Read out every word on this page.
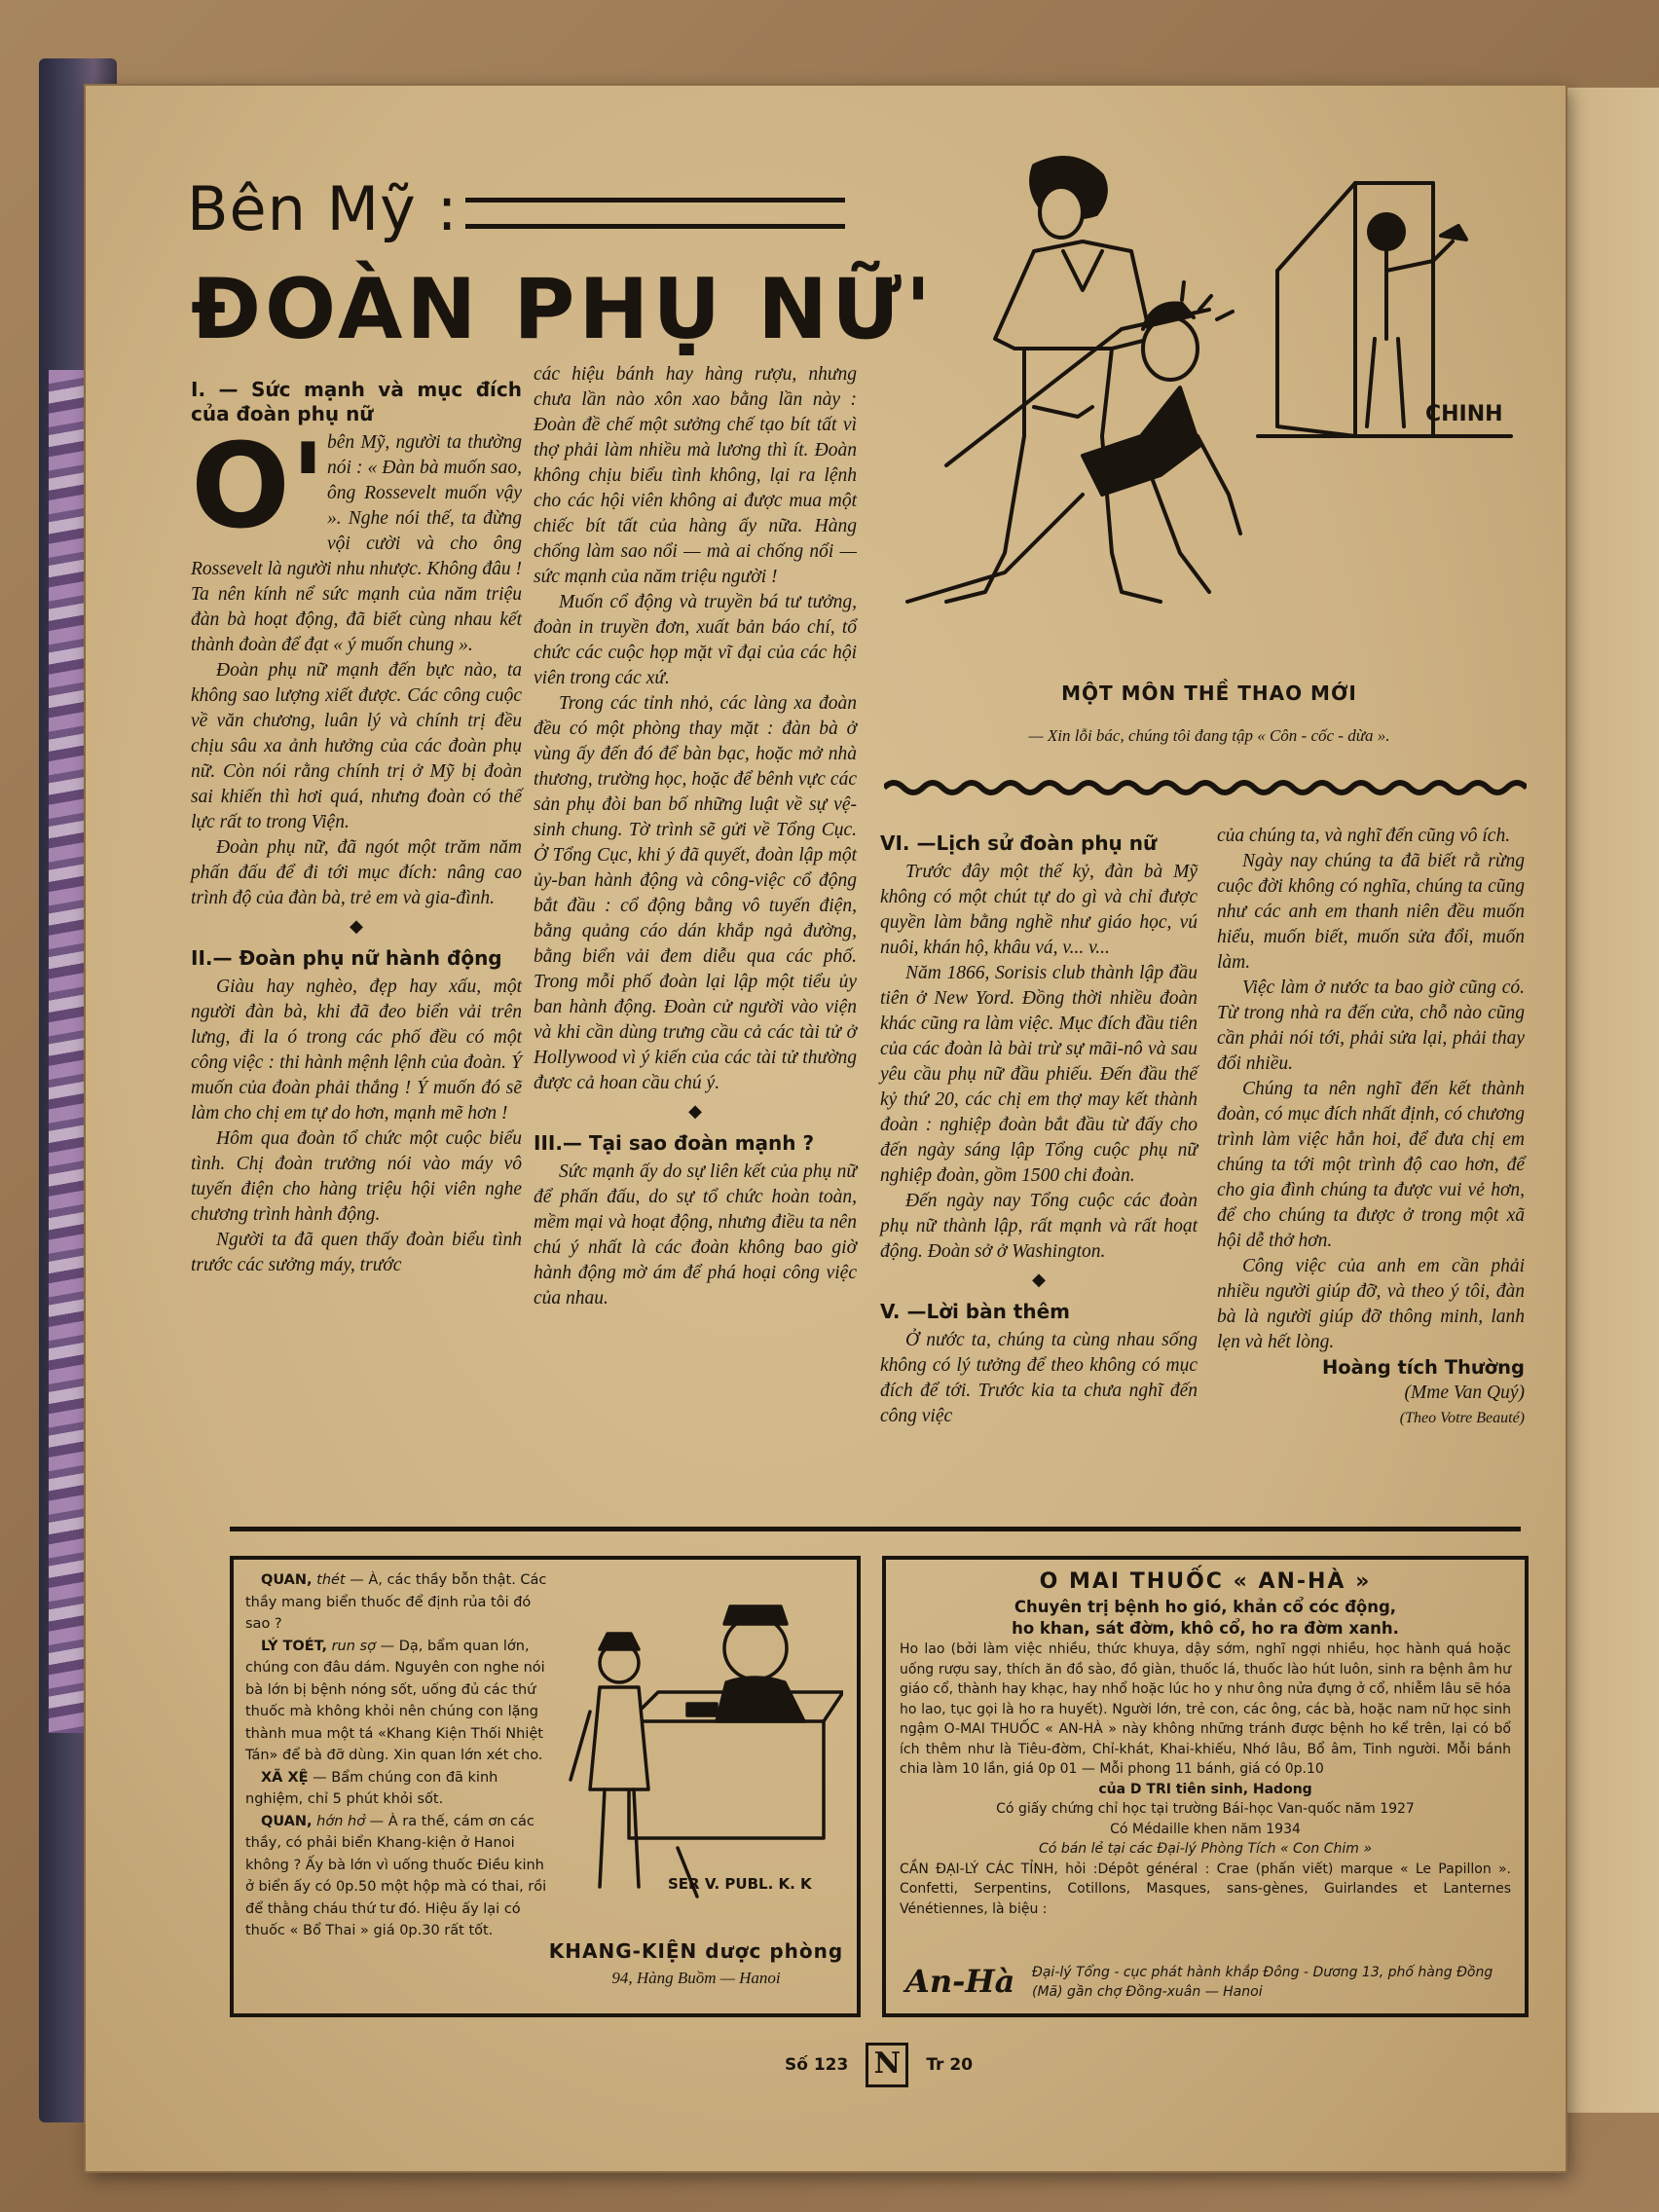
Bên Mỹ :
ĐOÀN PHỤ NỮ'
I. — Sức mạnh và mục đích của đoàn phụ nữ
O' bên Mỹ, người ta thường nói : « Đàn bà muốn sao, ông Rossevelt muốn vậy ». Nghe nói thế, ta đừng vội cười và cho ông Rossevelt là người nhu nhược. Không đâu ! Ta nên kính nể sức mạnh của năm triệu đàn bà hoạt động, đã biết cùng nhau kết thành đoàn để đạt « ý muốn chung ».

Đoàn phụ nữ mạnh đến bực nào, ta không sao lượng xiết được. Các công cuộc về văn chương, luân lý và chính trị đều chịu sâu xa ảnh hưởng của các đoàn phụ nữ. Còn nói rằng chính trị ở Mỹ bị đoàn sai khiến thì hơi quá, nhưng đoàn có thế lực rất to trong Viện.

Đoàn phụ nữ, đã ngót một trăm năm phấn đấu để đi tới mục đích: nâng cao trình độ của đàn bà, trẻ em và gia-đình.

◆
II.— Đoàn phụ nữ hành động

Giàu hay nghèo, đẹp hay xấu, một người đàn bà, khi đã đeo biển vải trên lưng, đi la ó trong các phố đều có một công việc : thi hành mệnh lệnh của đoàn. Ý muốn của đoàn phải thắng ! Ý muốn đó sẽ làm cho chị em tự do hơn, mạnh mẽ hơn !

Hôm qua đoàn tổ chức một cuộc biểu tình. Chị đoàn trưởng nói vào máy vô tuyến điện cho hàng triệu hội viên nghe chương trình hành động.

Người ta đã quen thấy đoàn biểu tình trước các sưởng máy, trước

các hiệu bánh hay hàng rượu, nhưng chưa lần nào xôn xao bằng lần này : Đoàn đề chế một sưởng chế tạo bít tất vì thợ phải làm nhiều mà lương thì ít. Đoàn không chịu biểu tình không, lại ra lệnh cho các hội viên không ai được mua một chiếc bít tất của hàng ấy nữa. Hàng chống làm sao nổi — mà ai chống nổi — sức mạnh của năm triệu người !

Muốn cổ động và truyền bá tư tưởng, đoàn in truyền đơn, xuất bản báo chí, tổ chức các cuộc họp mặt vĩ đại của các hội viên trong các xứ.

Trong các tỉnh nhỏ, các làng xa đoàn đều có một phòng thay mặt : đàn bà ở vùng ấy đến đó để bàn bạc, hoặc mở nhà thương, trường học, hoặc để bênh vực các sản phụ đòi ban bố những luật về sự vệ-sinh chung. Tờ trình sẽ gửi về Tổng Cục. Ở Tổng Cục, khi ý đã quyết, đoàn lập một ủy-ban hành động và công-việc cổ động bắt đầu : cổ động bằng vô tuyến điện, bằng quảng cáo dán khắp ngả đường, bằng biển vải đem diễu qua các phố. Trong mỗi phố đoàn lại lập một tiểu ủy ban hành động. Đoàn cử người vào viện và khi cần dùng trưng cầu cả các tài tử ở Hollywood vì ý kiến của các tài tử thường được cả hoan cầu chú ý.

◆
III.— Tại sao đoàn mạnh ?

Sức mạnh ấy do sự liên kết của phụ nữ để phấn đấu, do sự tổ chức hoàn toàn, mềm mại và hoạt động, nhưng điều ta nên chú ý nhất là các đoàn không bao giờ hành động mờ ám để phá hoại công việc của nhau.

CHINH
MỘT MÔN THỀ THAO MỚI
— Xin lỗi bác, chúng tôi đang tập « Côn - cốc - dừa ».
VI. —Lịch sử đoàn phụ nữ

Trước đây một thế kỷ, đàn bà Mỹ không có một chút tự do gì và chỉ được quyền làm bằng nghề như giáo học, vú nuôi, khán hộ, khâu vá, v... v...

Năm 1866, Sorisis club thành lập đầu tiên ở New Yord. Đồng thời nhiều đoàn khác cũng ra làm việc. Mục đích đầu tiên của các đoàn là bài trừ sự mãi-nô và sau yêu cầu phụ nữ đầu phiếu. Đến đầu thế kỷ thứ 20, các chị em thợ may kết thành đoàn : nghiệp đoàn bắt đầu từ đấy cho đến ngày sáng lập Tổng cuộc phụ nữ nghiệp đoàn, gồm 1500 chi đoàn.

Đến ngày nay Tổng cuộc các đoàn phụ nữ thành lập, rất mạnh và rất hoạt động. Đoàn sở ở Washington.

◆
V. —Lời bàn thêm

Ở nước ta, chúng ta cùng nhau sống không có lý tưởng để theo không có mục đích để tới. Trước kia ta chưa nghĩ đến công việc

của chúng ta, và nghĩ đến cũng vô ích.

Ngày nay chúng ta đã biết rằ rừng cuộc đời không có nghĩa, chúng ta cũng như các anh em thanh niên đều muốn hiểu, muốn biết, muốn sửa đổi, muốn làm.

Việc làm ở nước ta bao giờ cũng có. Từ trong nhà ra đến cửa, chỗ nào cũng cần phải nói tới, phải sửa lại, phải thay đổi nhiều.

Chúng ta nên nghĩ đến kết thành đoàn, có mục đích nhất định, có chương trình làm việc hẳn hoi, để đưa chị em chúng ta tới một trình độ cao hơn, để cho gia đình chúng ta được vui vẻ hơn, để cho chúng ta được ở trong một xã hội dễ thở hơn.

Công việc của anh em cần phải nhiều người giúp đỡ, và theo ý tôi, đàn bà là người giúp đỡ thông minh, lanh lẹn và hết lòng.

Hoàng tích Thường
(Mme Van Quý)
(Theo Votre Beauté)

QUAN, thét — À, các thầy bỗn thật. Các thầy mang biển thuốc để định rủa tôi đó sao ?

LÝ TOÉT, run sợ — Dạ, bẩm quan lớn, chúng con đâu dám. Nguyên con nghe nói bà lớn bị bệnh nóng sốt, uống đủ các thứ thuốc mà không khỏi nên chúng con lặng thành mua một tá «Khang Kiện Thối Nhiệt Tán» để bà đỡ dùng. Xin quan lớn xét cho.

XÃ XỆ — Bẩm chúng con đã kinh nghiệm, chỉ 5 phút khỏi sốt.

QUAN, hớn hở — À ra thế, cám ơn các thầy, có phải biển Khang-kiện ở Hanoi không ? Ấy bà lớn vì uống thuốc Điều kinh ở biển ấy có 0p.50 một hộp mà có thai, rồi để thằng cháu thứ tư đó. Hiệu ấy lại có thuốc « Bổ Thai » giá 0p.30 rất tốt.

SER V. PUBL. K. K
KHANG-KIỆN dược phòng
94, Hàng Buồm — Hanoi
O MAI THUỐC « AN-HÀ »
Chuyên trị bệnh ho gió, khản cổ cóc động,
ho khan, sát đờm, khô cổ, ho ra đờm xanh.

Ho lao (bởi làm việc nhiều, thức khuya, dậy sớm, nghĩ ngợi nhiều, học hành quá hoặc uống rượu say, thích ăn đồ sào, đồ giàn, thuốc lá, thuốc lào hút luôn, sinh ra bệnh âm hư giáo cổ, thành hay khạc, hay nhổ hoặc lúc ho y như ông nửa đựng ở cổ, nhiễm lâu sẽ hóa ho lao, tục gọi là ho ra huyết). Người lớn, trẻ con, các ông, các bà, hoặc nam nữ học sinh ngậm O-MAI THUỐC « AN-HÀ » này không những tránh được bệnh ho kể trên, lại có bổ ích thêm như là Tiêu-đờm, Chỉ-khát, Khai-khiếu, Nhớ lâu, Bổ âm, Tinh người. Mỗi bánh chia làm 10 lần, giá 0p 01 — Mỗi phong 11 bánh, giá có 0p.10

của D TRI tiên sinh, Hadong

Có giấy chứng chỉ học tại trường Bái-học Van-quốc năm 1927

Có Médaille khen năm 1934

Có bán lẻ tại các Đại-lý Phòng Tích « Con Chim »

CẦN ĐẠI-LÝ CÁC TỈNH, hỏi :Dépôt général : Crae (phấn viết) marque « Le Papillon ». Confetti, Serpentins, Cotillons, Masques, sans-gènes, Guirlandes et Lanternes Vénétiennes, là biệu :

An-Hà Đại-lý Tổng - cục phát hành khắp Đông - Dương 13, phố hàng Đồng (Mã) gần chợ Đồng-xuân — Hanoi
Số 123 N Tr 20
